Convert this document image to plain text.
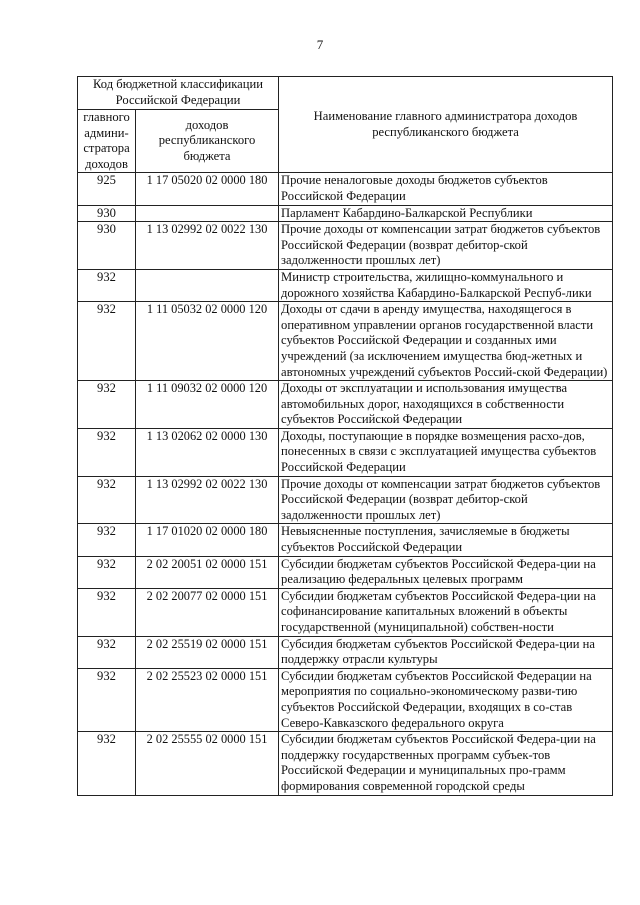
7
Код бюджетной классификации Российской Федерации		Наименование главного администратора доходов республиканского бюджета
главного админи-стратора доходов	доходов республиканского бюджета	
925	1 17 05020 02 0000 180	Прочие неналоговые доходы бюджетов субъектов Российской Федерации
930		Парламент Кабардино-Балкарской Республики
930	1 13 02992 02 0022 130	Прочие доходы от компенсации затрат бюджетов субъектов Российской Федерации (возврат дебитор-ской задолженности прошлых лет)
932		Министр строительства, жилищно-коммунального и дорожного хозяйства Кабардино-Балкарской Респуб-лики
932	1 11 05032 02 0000 120	Доходы от сдачи в аренду имущества, находящегося в оперативном управлении органов государственной власти субъектов Российской Федерации и созданных ими учреждений (за исключением имущества бюд-жетных и автономных учреждений субъектов Россий-ской Федерации)
932	1 11 09032 02 0000 120	Доходы от эксплуатации и использования имущества автомобильных дорог, находящихся в собственности субъектов Российской Федерации
932	1 13 02062 02 0000 130	Доходы, поступающие в порядке возмещения расхо-дов, понесенных в связи с эксплуатацией имущества субъектов Российской Федерации
932	1 13 02992 02 0022 130	Прочие доходы от компенсации затрат бюджетов субъектов Российской Федерации (возврат дебитор-ской задолженности прошлых лет)
932	1 17 01020 02 0000 180	Невыясненные поступления, зачисляемые в бюджеты субъектов Российской Федерации
932	2 02 20051 02 0000 151	Субсидии бюджетам субъектов Российской Федера-ции на реализацию федеральных целевых программ
932	2 02 20077 02 0000 151	Субсидии бюджетам субъектов Российской Федера-ции на софинансирование капитальных вложений в объекты государственной (муниципальной) собствен-ности
932	2 02 25519 02 0000 151	Субсидия бюджетам субъектов Российской Федера-ции на поддержку отрасли культуры
932	2 02 25523 02 0000 151	Субсидии бюджетам субъектов Российской Федерации на мероприятия по социально-экономическому разви-тию субъектов Российской Федерации, входящих в со-став Северо-Кавказского федерального округа
932	2 02 25555 02 0000 151	Субсидии бюджетам субъектов Российской Федера-ции на поддержку государственных программ субъек-тов Российской Федерации и муниципальных про-грамм формирования современной городской среды
